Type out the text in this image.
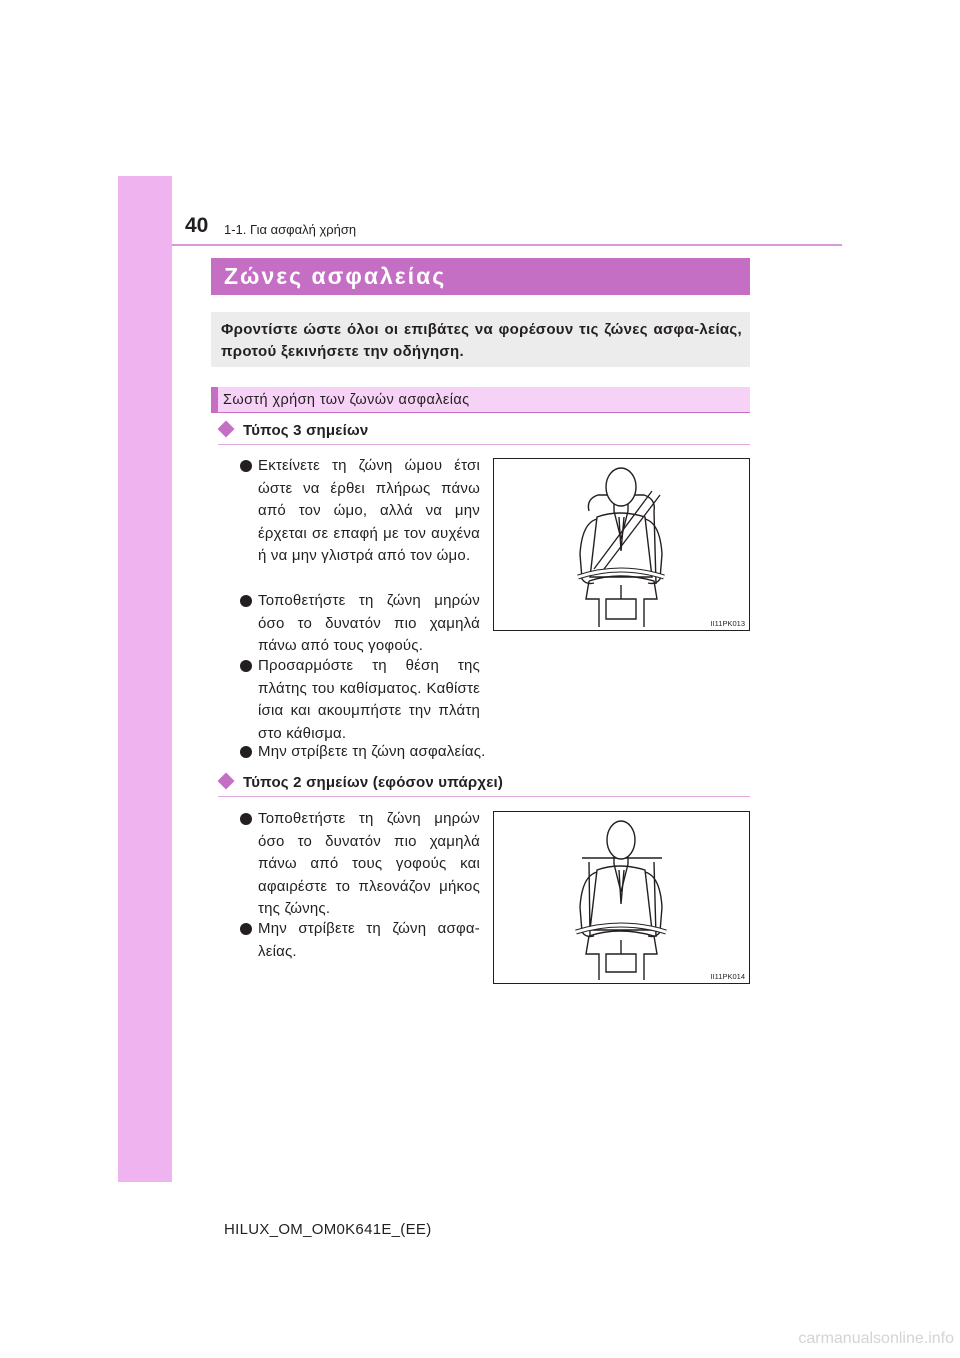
40 1-1. Για ασφαλή χρήση
Ζώνες ασφαλείας
Φροντίστε ώστε όλοι οι επιβάτες να φορέσουν τις ζώνες ασφα-λείας, προτού ξεκινήσετε την οδήγηση.
Σωστή χρήση των ζωνών ασφαλείας
Τύπος 3 σημείων
Εκτείνετε τη ζώνη ώμου έτσι ώστε να έρθει πλήρως πάνω από τον ώμο, αλλά να μην έρχεται σε επαφή με τον αυχένα ή να μην γλιστρά από τον ώμο.
Τοποθετήστε τη ζώνη μηρών όσο το δυνατόν πιο χαμηλά πάνω από τους γοφούς.
Προσαρμόστε τη θέση της πλάτης του καθίσματος. Καθίστε ίσια και ακουμπήστε την πλάτη στο κάθισμα.
Μην στρίβετε τη ζώνη ασφαλείας.
II11PK013
Τύπος 2 σημείων (εφόσον υπάρχει)
Τοποθετήστε τη ζώνη μηρών όσο το δυνατόν πιο χαμηλά πάνω από τους γοφούς και αφαιρέστε το πλεονάζον μήκος της ζώνης.
Μην στρίβετε τη ζώνη ασφα-λείας.
II11PK014
HILUX_OM_OM0K641E_(EE)
carmanualsonline.info
